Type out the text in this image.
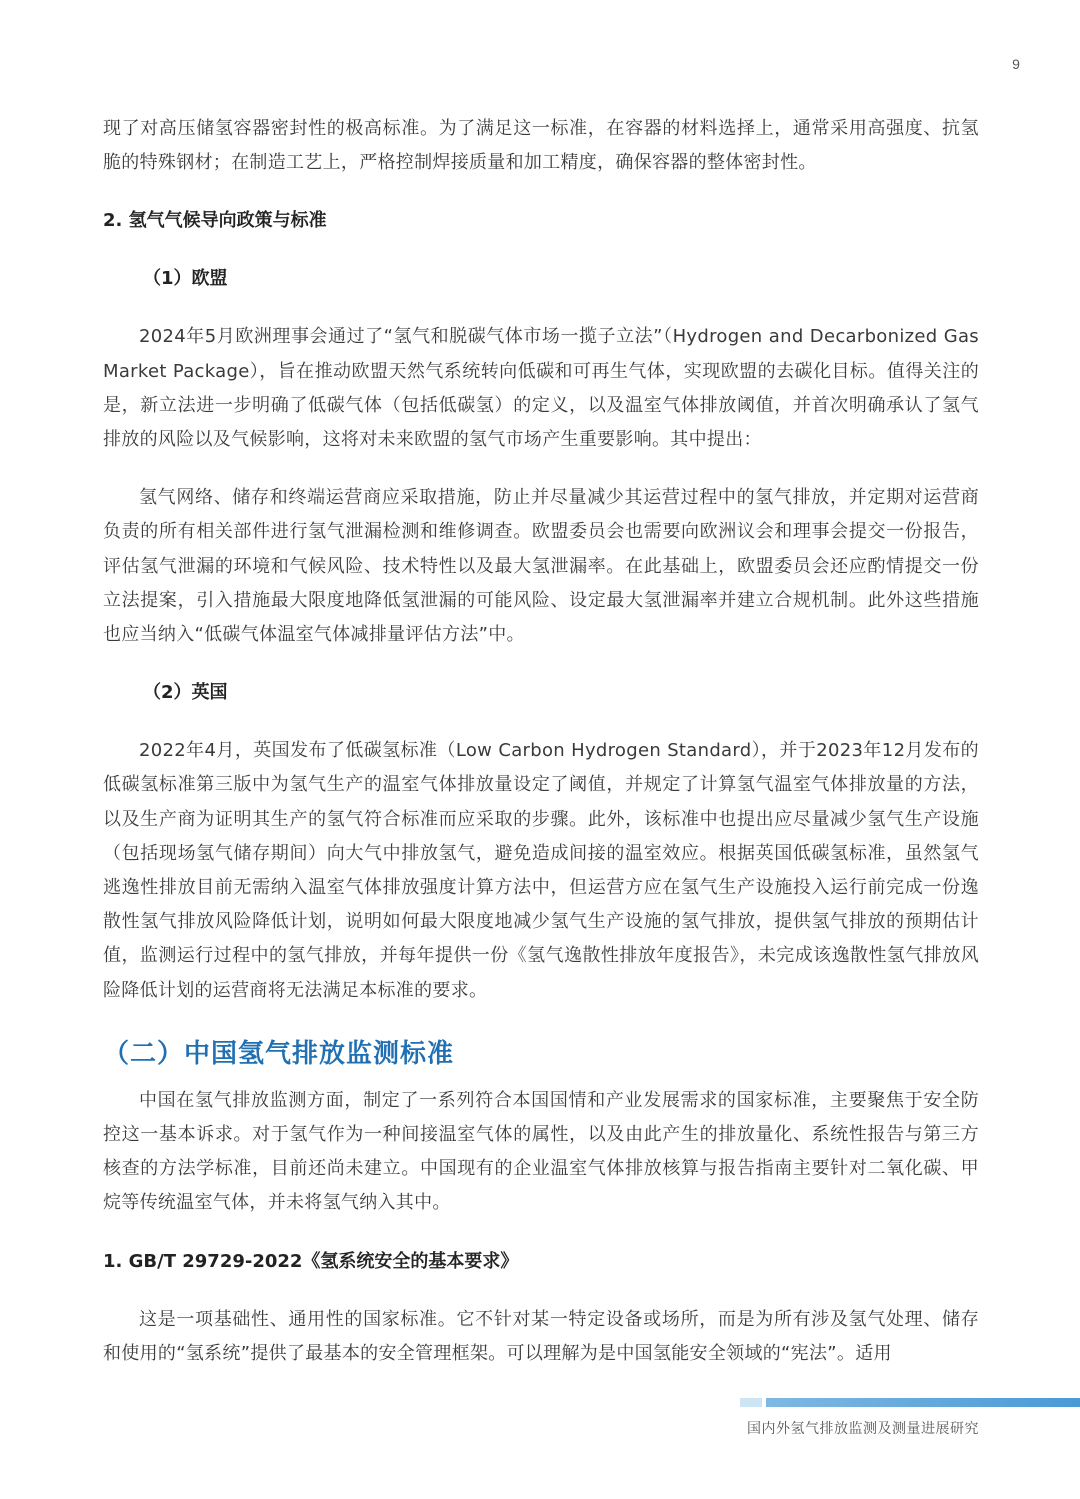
9

现了对高压储氢容器密封性的极高标准。为了满足这一标准，在容器的材料选择上，通常采用高强度、抗氢脆的特殊钢材；在制造工艺上，严格控制焊接质量和加工精度，确保容器的整体密封性。

2. 氢气气候导向政策与标准
（1）欧盟

2024年5月欧洲理事会通过了“氢气和脱碳气体市场一揽子立法”（Hydrogen and Decarbonized Gas Market Package），旨在推动欧盟天然气系统转向低碳和可再生气体，实现欧盟的去碳化目标。值得关注的是，新立法进一步明确了低碳气体（包括低碳氢）的定义，以及温室气体排放阈值，并首次明确承认了氢气排放的风险以及气候影响，这将对未来欧盟的氢气市场产生重要影响。其中提出：

氢气网络、储存和终端运营商应采取措施，防止并尽量减少其运营过程中的氢气排放，并定期对运营商负责的所有相关部件进行氢气泄漏检测和维修调查。欧盟委员会也需要向欧洲议会和理事会提交一份报告，评估氢气泄漏的环境和气候风险、技术特性以及最大氢泄漏率。在此基础上，欧盟委员会还应酌情提交一份立法提案，引入措施最大限度地降低氢泄漏的可能风险、设定最大氢泄漏率并建立合规机制。此外这些措施也应当纳入“低碳气体温室气体减排量评估方法”中。

（2）英国

2022年4月，英国发布了低碳氢标准（Low Carbon Hydrogen Standard），并于2023年12月发布的低碳氢标准第三版中为氢气生产的温室气体排放量设定了阈值，并规定了计算氢气温室气体排放量的方法，以及生产商为证明其生产的氢气符合标准而应采取的步骤。此外，该标准中也提出应尽量减少氢气生产设施（包括现场氢气储存期间）向大气中排放氢气，避免造成间接的温室效应。根据英国低碳氢标准，虽然氢气逃逸性排放目前无需纳入温室气体排放强度计算方法中，但运营方应在氢气生产设施投入运行前完成一份逸散性氢气排放风险降低计划，说明如何最大限度地减少氢气生产设施的氢气排放，提供氢气排放的预期估计值，监测运行过程中的氢气排放，并每年提供一份《氢气逸散性排放年度报告》，未完成该逸散性氢气排放风险降低计划的运营商将无法满足本标准的要求。

（二）中国氢气排放监测标准

中国在氢气排放监测方面，制定了一系列符合本国国情和产业发展需求的国家标准，主要聚焦于安全防控这一基本诉求。对于氢气作为一种间接温室气体的属性，以及由此产生的排放量化、系统性报告与第三方核查的方法学标准，目前还尚未建立。中国现有的企业温室气体排放核算与报告指南主要针对二氧化碳、甲烷等传统温室气体，并未将氢气纳入其中。

1. GB/T 29729-2022《氢系统安全的基本要求》

这是一项基础性、通用性的国家标准。它不针对某一特定设备或场所，而是为所有涉及氢气处理、储存和使用的“氢系统”提供了最基本的安全管理框架。可以理解为是中国氢能安全领域的“宪法”。适用

国内外氢气排放监测及测量进展研究
